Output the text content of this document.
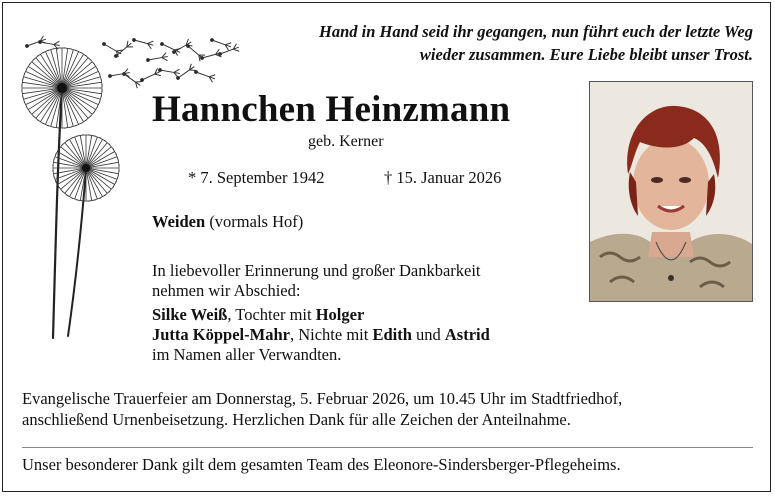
Hand in Hand seid ihr gegangen, nun führt euch der letzte Weg
wieder zusammen. Eure Liebe bleibt unser Trost.
Hannchen Heinzmann
geb. Kerner
* 7. September 1942	† 15. Januar 2026
Weiden (vormals Hof)
In liebevoller Erinnerung und großer Dankbarkeit
nehmen wir Abschied:
Silke Weiß, Tochter mit Holger
Jutta Köppel-Mahr, Nichte mit Edith und Astrid
im Namen aller Verwandten.
Evangelische Trauerfeier am Donnerstag, 5. Februar 2026, um 10.45 Uhr im Stadtfriedhof,
anschließend Urnenbeisetzung. Herzlichen Dank für alle Zeichen der Anteilnahme.
Unser besonderer Dank gilt dem gesamten Team des Eleonore-Sindersberger-Pflegeheims.
